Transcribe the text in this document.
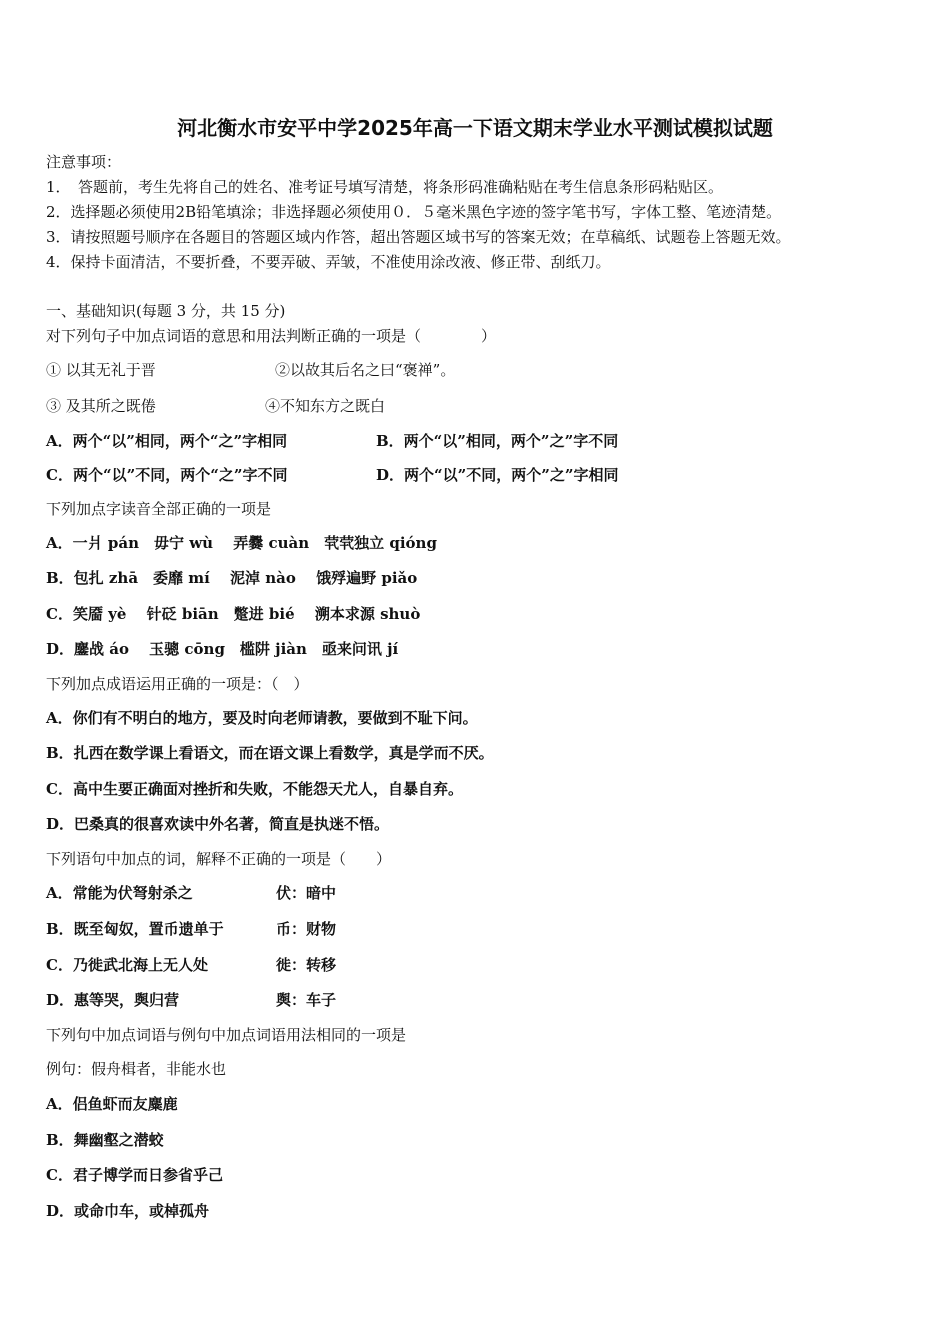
河北衡水市安平中学2025年高一下语文期末学业水平测试模拟试题
注意事项：
1．　答题前，考生先将自己的姓名、准考证号填写清楚，将条形码准确粘贴在考生信息条形码粘贴区。
2．选择题必须使用2B铅笔填涂；非选择题必须使用０．５毫米黑色字迹的签字笔书写，字体工整、笔迹清楚。
3．请按照题号顺序在各题目的答题区域内作答，超出答题区域书写的答案无效；在草稿纸、试题卷上答题无效。
4．保持卡面清洁，不要折叠，不要弄破、弄皱，不准使用涂改液、修正带、刮纸刀。
一、基础知识(每题 3 分，共 15 分)
对下列句子中加点词语的意思和用法判断正确的一项是（　　　　）
① 以其无礼于晋	②以故其后名之曰“褒禅”。
③ 及其所之既倦	④不知东方之既白
A．两个“以”相同，两个“之”字相同	B．两个“以”相同，两个”之”字不同
C．两个“以”不同，两个“之”字不同	D．两个“以”不同，两个”之”字相同
下列加点字读音全部正确的一项是
A．一爿 pán　毋宁 wù　 弄爨 cuàn　茕茕独立 qióng
B．包扎 zhā　委靡 mí　 泥淖 nào　 饿殍遍野 piǎo
C．笑靥 yè　 针砭 biān　蹩进 bié　 溯本求源 shuò
D．鏖战 áo　 玉骢 cōng　槛阱 jiàn　亟来问讯 jí
下列加点成语运用正确的一项是：（　）
A．你们有不明白的地方，要及时向老师请教，要做到不耻下问。
B．扎西在数学课上看语文，而在语文课上看数学，真是学而不厌。
C．高中生要正确面对挫折和失败，不能怨天尤人，自暴自弃。
D．巴桑真的很喜欢读中外名著，简直是执迷不悟。
下列语句中加点的词，解释不正确的一项是（　　）
A．常能为伏弩射杀之	伏：暗中
B．既至匈奴，置币遗单于	币：财物
C．乃徙武北海上无人处	徙：转移
D．惠等哭，舆归营	舆：车子
下列句中加点词语与例句中加点词语用法相同的一项是
例句：假舟楫者，非能水也
A．侣鱼虾而友麋鹿
B．舞幽壑之潜蛟
C．君子博学而日参省乎己
D．或命巾车，或棹孤舟
